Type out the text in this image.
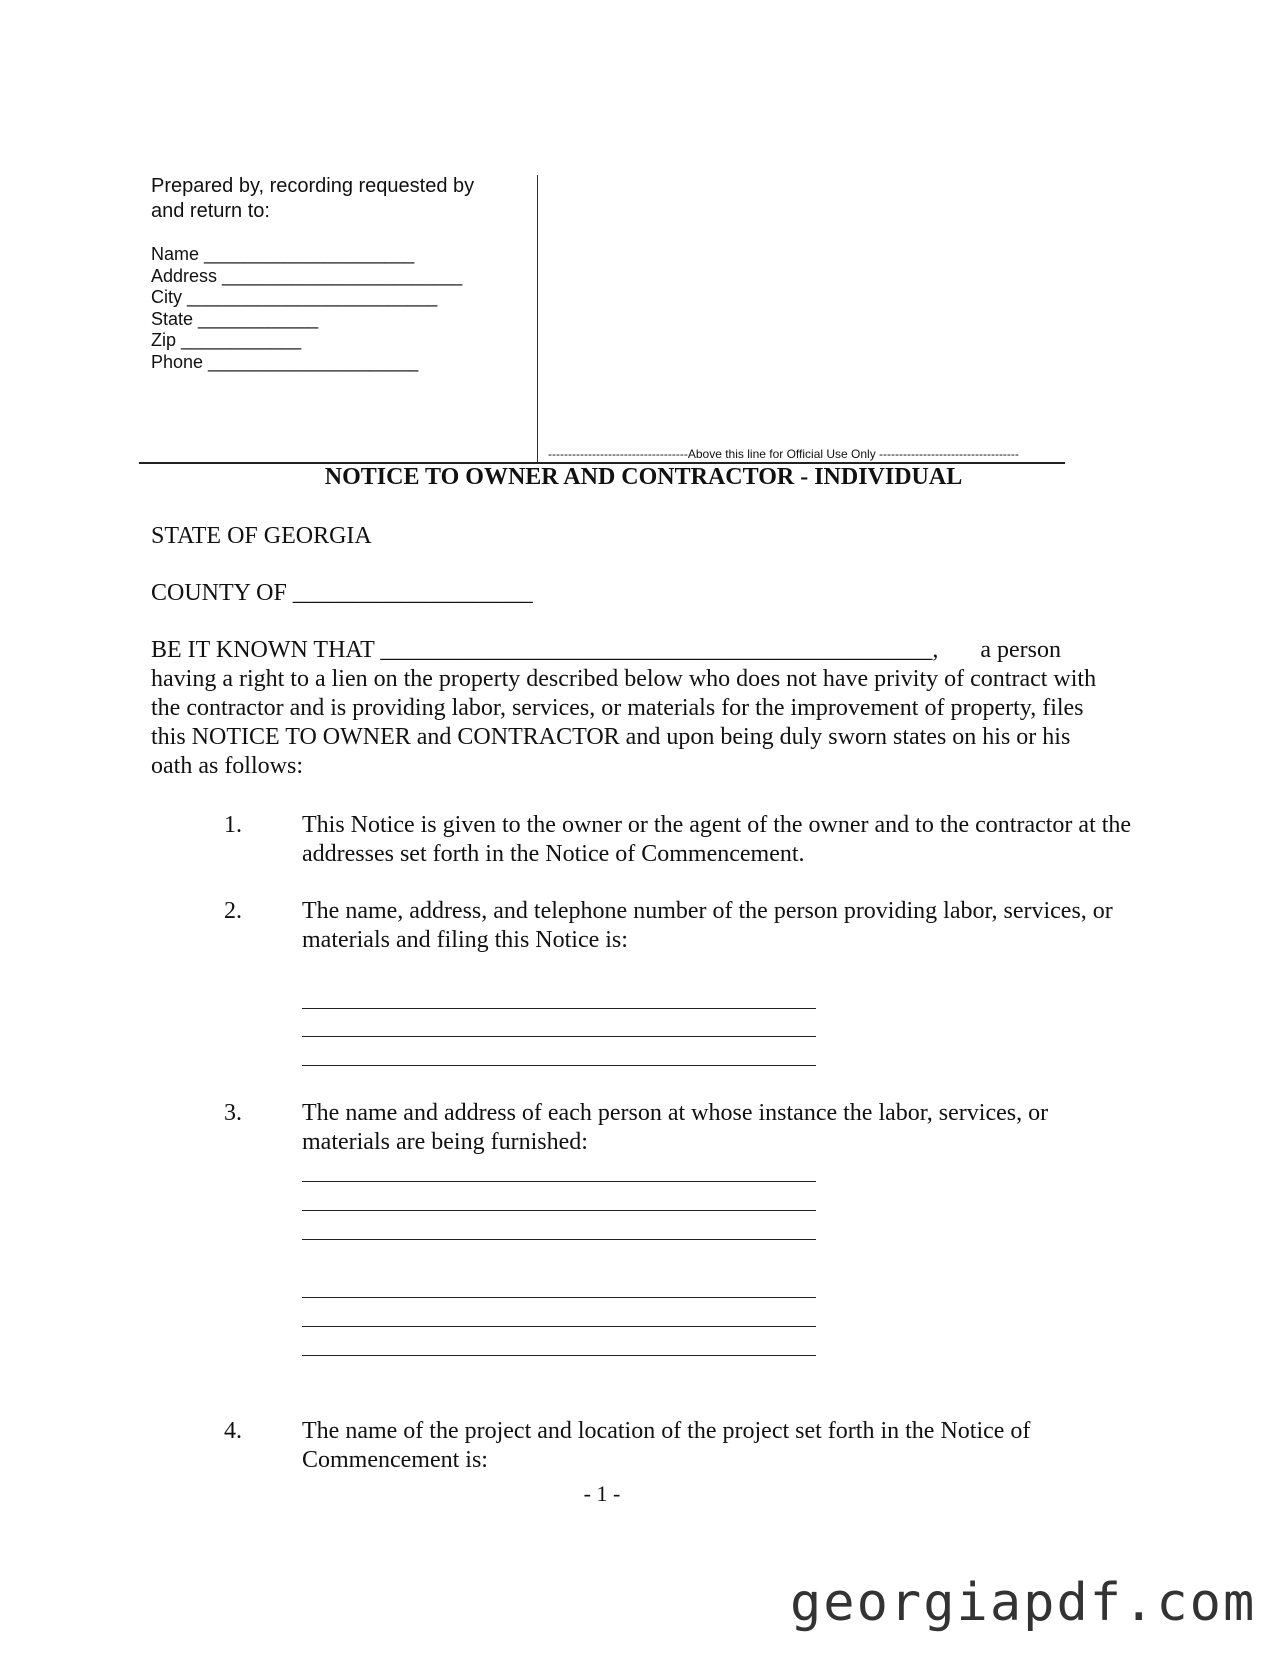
Prepared by, recording requested by
and return to:
Name _____________________
Address ________________________
City _________________________
State ____________
Zip ____________
Phone _____________________
-----------------------------------Above this line for Official Use Only -----------------------------------
NOTICE TO OWNER AND CONTRACTOR - INDIVIDUAL
STATE OF GEORGIA
COUNTY OF ____________________
BE IT KNOWN THAT ______________________________________________, a person
having a right to a lien on the property described below who does not have privity of contract with the contractor and is providing labor, services, or materials for the improvement of property, files this NOTICE TO OWNER and CONTRACTOR and upon being duly sworn states on his or his oath as follows:
1.	This Notice is given to the owner or the agent of the owner and to the contractor at the addresses set forth in the Notice of Commencement.
2.	The name, address, and telephone number of the person providing labor, services, or materials and filing this Notice is:
3.	The name and address of each person at whose instance the labor, services, or materials are being furnished:
4.	The name of the project and location of the project set forth in the Notice of Commencement is:
- 1 -
georgiapdf.com
